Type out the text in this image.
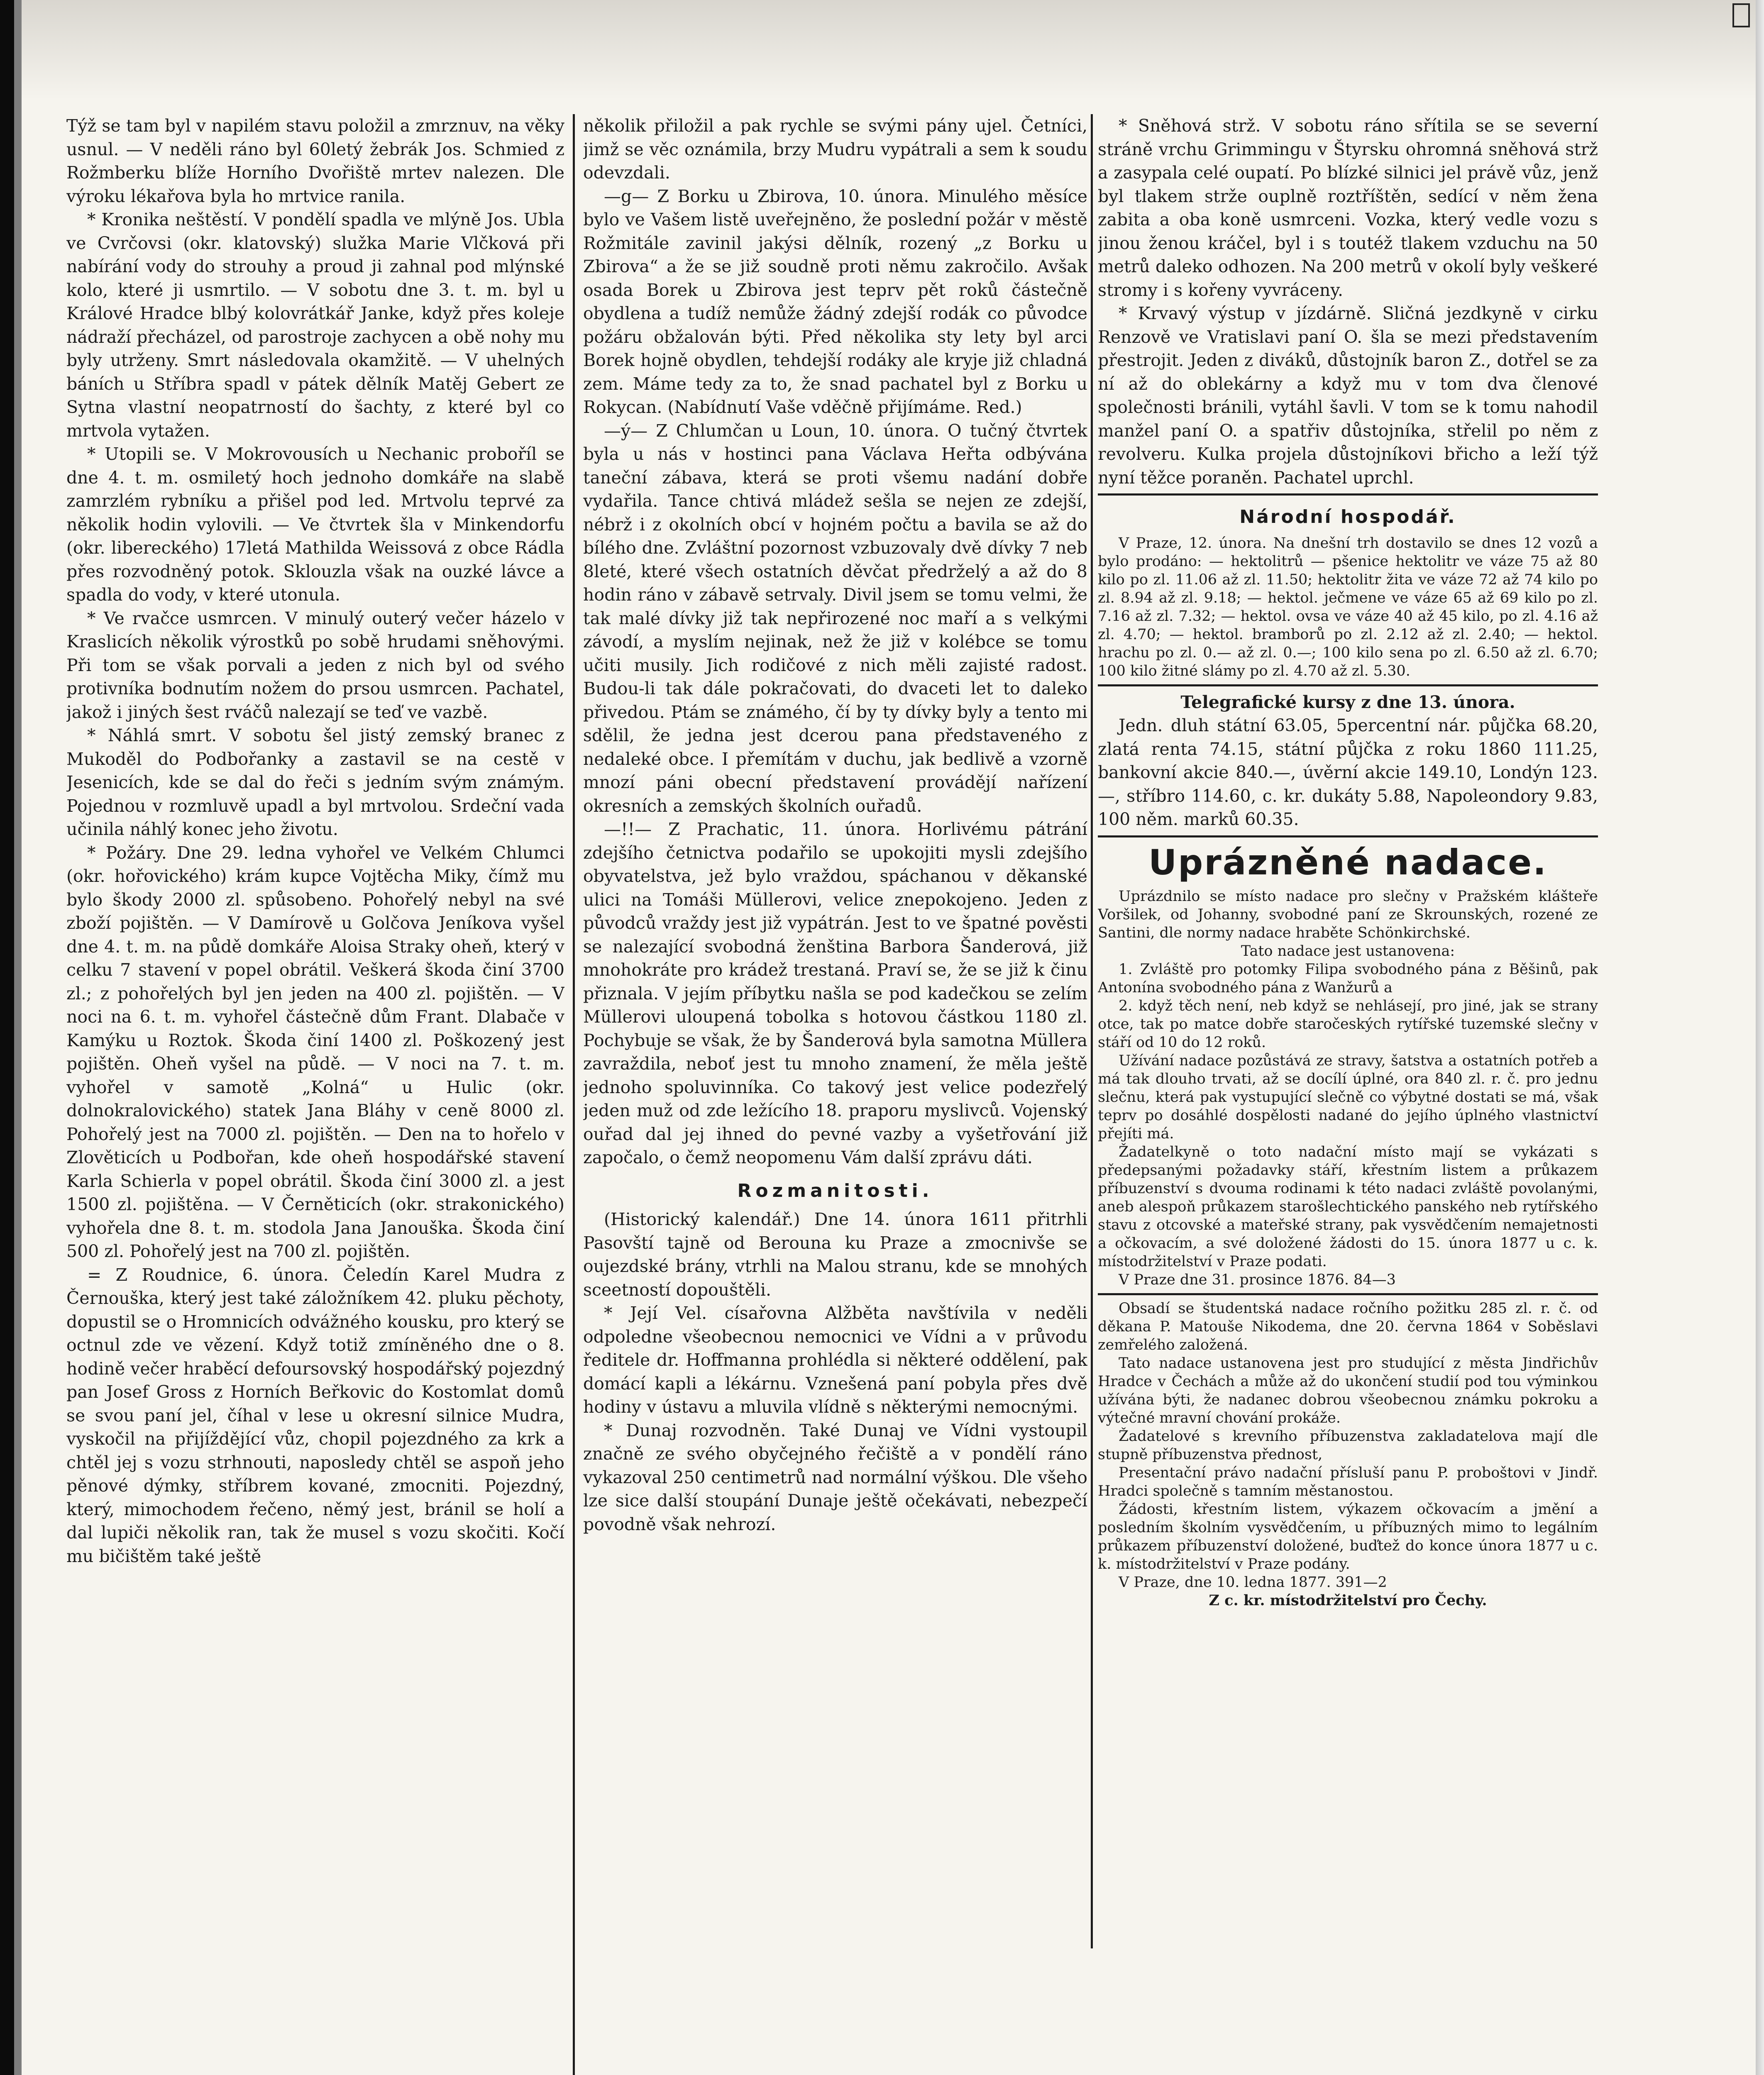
Týž se tam byl v napilém stavu položil a zmrznuv, na věky usnul. — V neděli ráno byl 60letý žebrák Jos. Schmied z Rožmberku blíže Horního Dvořiště mrtev nalezen. Dle výroku lékařova byla ho mrtvice ranila.

* Kronika neštěstí. V pondělí spadla ve mlýně Jos. Ubla ve Cvrčovsi (okr. klatovský) služka Marie Vlčková při nabírání vody do strouhy a proud ji zahnal pod mlýnské kolo, které ji usmrtilo. — V sobotu dne 3. t. m. byl u Králové Hradce blbý kolovrátkář Janke, když přes koleje nádraží přecházel, od parostroje zachycen a obě nohy mu byly utrženy. Smrt následovala okamžitě. — V uhelných báních u Stříbra spadl v pátek dělník Matěj Gebert ze Sytna vlastní neopatrností do šachty, z které byl co mrtvola vytažen.

* Utopili se. V Mokrovousích u Nechanic proboříl se dne 4. t. m. osmiletý hoch jednoho domkáře na slabě zamrzlém rybníku a přišel pod led. Mrtvolu teprvé za několik hodin vylovili. — Ve čtvrtek šla v Minkendorfu (okr. libereckého) 17letá Mathilda Weissová z obce Rádla přes rozvodněný potok. Sklouzla však na ouzké lávce a spadla do vody, v které utonula.

* Ve rvačce usmrcen. V minulý outerý večer házelo v Kraslicích několik výrostků po sobě hrudami sněhovými. Při tom se však porvali a jeden z nich byl od svého protivníka bodnutím nožem do prsou usmrcen. Pachatel, jakož i jiných šest rváčů nalezají se teď ve vazbě.

* Náhlá smrt. V sobotu šel jistý zemský branec z Mukoděl do Podbořanky a zastavil se na cestě v Jesenicích, kde se dal do řeči s jedním svým známým. Pojednou v rozmluvě upadl a byl mrtvolou. Srdeční vada učinila náhlý konec jeho životu.

* Požáry. Dne 29. ledna vyhořel ve Velkém Chlumci (okr. hořovického) krám kupce Vojtěcha Miky, čímž mu bylo škody 2000 zl. spůsobeno. Pohořelý nebyl na své zboží pojištěn. — V Damírově u Golčova Jeníkova vyšel dne 4. t. m. na půdě domkáře Aloisa Straky oheň, který v celku 7 stavení v popel obrátil. Veškerá škoda činí 3700 zl.; z pohořelých byl jen jeden na 400 zl. pojištěn. — V noci na 6. t. m. vyhořel částečně dům Frant. Dlabače v Kamýku u Roztok. Škoda činí 1400 zl. Poškozený jest pojištěn. Oheň vyšel na půdě. — V noci na 7. t. m. vyhořel v samotě „Kolná“ u Hulic (okr. dolnokralovického) statek Jana Bláhy v ceně 8000 zl. Pohořelý jest na 7000 zl. pojištěn. — Den na to hořelo v Zlověticích u Podbořan, kde oheň hospodářské stavení Karla Schierla v popel obrátil. Škoda činí 3000 zl. a jest 1500 zl. pojištěna. — V Černěticích (okr. strakonického) vyhořela dne 8. t. m. stodola Jana Janouška. Škoda činí 500 zl. Pohořelý jest na 700 zl. pojištěn.

= Z Roudnice, 6. února. Čeledín Karel Mudra z Černouška, který jest také záložníkem 42. pluku pěchoty, dopustil se o Hromnicích odvážného kousku, pro který se octnul zde ve vězení. Když totiž zmíněného dne o 8. hodině večer hraběcí defoursovský hospodářský pojezdný pan Josef Gross z Horních Beřkovic do Kostomlat domů se svou paní jel, číhal v lese u okresní silnice Mudra, vyskočil na přijíždějící vůz, chopil pojezdného za krk a chtěl jej s vozu strhnouti, naposledy chtěl se aspoň jeho pěnové dýmky, stříbrem kované, zmocniti. Pojezdný, který, mimochodem řečeno, němý jest, bránil se holí a dal lupiči několik ran, tak že musel s vozu skočiti. Kočí mu bičištěm také ještě

několik přiložil a pak rychle se svými pány ujel. Četníci, jimž se věc oznámila, brzy Mudru vypátrali a sem k soudu odevzdali.

—g— Z Borku u Zbirova, 10. února. Minulého měsíce bylo ve Vašem listě uveřejněno, že poslední požár v městě Rožmitále zavinil jakýsi dělník, rozený „z Borku u Zbirova“ a že se již soudně proti němu zakročilo. Avšak osada Borek u Zbirova jest teprv pět roků částečně obydlena a tudíž nemůže žádný zdejší rodák co původce požáru obžalován býti. Před několika sty lety byl arci Borek hojně obydlen, tehdejší rodáky ale kryje již chladná zem. Máme tedy za to, že snad pachatel byl z Borku u Rokycan. (Nabídnutí Vaše vděčně přijímáme. Red.)

—ý— Z Chlumčan u Loun, 10. února. O tučný čtvrtek byla u nás v hostinci pana Václava Heřta odbývána taneční zábava, která se proti všemu nadání dobře vydařila. Tance chtivá mládež sešla se nejen ze zdejší, nébrž i z okolních obcí v hojném počtu a bavila se až do bílého dne. Zvláštní pozornost vzbuzovaly dvě dívky 7 neb 8leté, které všech ostatních děvčat předrželý a až do 8 hodin ráno v zábavě setrvaly. Divil jsem se tomu velmi, že tak malé dívky již tak nepřirozené noc maří a s velkými závodí, a myslím nejinak, než že již v kolébce se tomu učiti musily. Jich rodičové z nich měli zajisté radost. Budou-li tak dále pokračovati, do dvaceti let to daleko přivedou. Ptám se známého, čí by ty dívky byly a tento mi sdělil, že jedna jest dcerou pana představeného z nedaleké obce. I přemítám v duchu, jak bedlivě a vzorně mnozí páni obecní představení provádějí nařízení okresních a zemských školních ouřadů.

—!!— Z Prachatic, 11. února. Horlivému pátrání zdejšího četnictva podařilo se upokojiti mysli zdejšího obyvatelstva, jež bylo vraždou, spáchanou v děkanské ulici na Tomáši Müllerovi, velice znepokojeno. Jeden z původců vraždy jest již vypátrán. Jest to ve špatné pověsti se nalezající svobodná ženština Barbora Šanderová, již mnohokráte pro krádež trestaná. Praví se, že se již k činu přiznala. V jejím příbytku našla se pod kadečkou se zelím Müllerovi uloupená tobolka s hotovou částkou 1180 zl. Pochybuje se však, že by Šanderová byla samotna Müllera zavraždila, neboť jest tu mnoho znamení, že měla ještě jednoho spoluvinníka. Co takový jest velice podezřelý jeden muž od zde ležícího 18. praporu myslivců. Vojenský ouřad dal jej ihned do pevné vazby a vyšetřování již započalo, o čemž neopomenu Vám další zprávu dáti.

Rozmanitosti.

(Historický kalendář.) Dne 14. února 1611 přitrhli Pasovští tajně od Berouna ku Praze a zmocnivše se oujezdské brány, vtrhli na Malou stranu, kde se mnohých sceetností dopouštěli.

* Její Vel. císařovna Alžběta navštívila v neděli odpoledne všeobecnou nemocnici ve Vídni a v průvodu ředitele dr. Hoffmanna prohlédla si některé oddělení, pak domácí kapli a lékárnu. Vznešená paní pobyla přes dvě hodiny v ústavu a mluvila vlídně s některými nemocnými.

* Dunaj rozvodněn. Také Dunaj ve Vídni vystoupil značně ze svého obyčejného řečiště a v pondělí ráno vykazoval 250 centimetrů nad normální výškou. Dle všeho lze sice další stoupání Dunaje ještě očekávati, nebezpečí povodně však nehrozí.

* Sněhová strž. V sobotu ráno sřítila se se severní stráně vrchu Grimmingu v Štyrsku ohromná sněhová strž a zasypala celé oupatí. Po blízké silnici jel právě vůz, jenž byl tlakem strže ouplně roztříštěn, sedící v něm žena zabita a oba koně usmrceni. Vozka, který vedle vozu s jinou ženou kráčel, byl i s toutéž tlakem vzduchu na 50 metrů daleko odhozen. Na 200 metrů v okolí byly veškeré stromy i s kořeny vyvráceny.

* Krvavý výstup v jízdárně. Sličná jezdkyně v cirku Renzově ve Vratislavi paní O. šla se mezi představením přestrojit. Jeden z diváků, důstojník baron Z., dotřel se za ní až do oblekárny a když mu v tom dva členové společnosti bránili, vytáhl šavli. V tom se k tomu nahodil manžel paní O. a spatřiv důstojníka, střelil po něm z revolveru. Kulka projela důstojníkovi břicho a leží týž nyní těžce poraněn. Pachatel uprchl.

Národní hospodář.

V Praze, 12. února. Na dnešní trh dostavilo se dnes 12 vozů a bylo prodáno: — hektolitrů — pšenice hektolitr ve váze 75 až 80 kilo po zl. 11.06 až zl. 11.50; hektolitr žita ve váze 72 až 74 kilo po zl. 8.94 až zl. 9.18; — hektol. ječmene ve váze 65 až 69 kilo po zl. 7.16 až zl. 7.32; — hektol. ovsa ve váze 40 až 45 kilo, po zl. 4.16 až zl. 4.70; — hektol. bramborů po zl. 2.12 až zl. 2.40; — hektol. hrachu po zl. 0.— až zl. 0.—; 100 kilo sena po zl. 6.50 až zl. 6.70; 100 kilo žitné slámy po zl. 4.70 až zl. 5.30.

Telegrafické kursy z dne 13. února.

Jedn. dluh státní 63.05, 5percentní nár. půjčka 68.20, zlatá renta 74.15, státní půjčka z roku 1860 111.25, bankovní akcie 840.—, úvěrní akcie 149.10, Londýn 123.—, stříbro 114.60, c. kr. dukáty 5.88, Napoleondory 9.83, 100 něm. marků 60.35.

Uprázněné nadace.

Uprázdnilo se místo nadace pro slečny v Pražském klášteře Voršilek, od Johanny, svobodné paní ze Skrounských, rozené ze Santini, dle normy nadace hraběte Schönkirchské.

Tato nadace jest ustanovena:

1. Zvláště pro potomky Filipa svobodného pána z Běšinů, pak Antonína svobodného pána z Wanžurů a

2. když těch není, neb když se nehlásejí, pro jiné, jak se strany otce, tak po matce dobře staročeských rytířské tuzemské slečny v stáří od 10 do 12 roků.

Užívání nadace pozůstává ze stravy, šatstva a ostatních potřeb a má tak dlouho trvati, až se docílí úplné, ora 840 zl. r. č. pro jednu slečnu, která pak vystupující slečně co výbytné dostati se má, však teprv po dosáhlé dospělosti nadané do jejího úplného vlastnictví přejíti má.

Žadatelkyně o toto nadační místo mají se vykázati s předepsanými požadavky stáří, křestním listem a průkazem příbuzenství s dvouma rodinami k této nadaci zvláště povolanými, aneb alespoň průkazem starošlechtického panského neb rytířského stavu z otcovské a mateřské strany, pak vysvědčením nemajetnosti a očkovacím, a své doložené žádosti do 15. února 1877 u c. k. místodržitelství v Praze podati.

V Praze dne 31. prosince 1876. 84—3

Obsadí se študentská nadace ročního požitku 285 zl. r. č. od děkana P. Matouše Nikodema, dne 20. června 1864 v Soběslavi zemřelého založená.

Tato nadace ustanovena jest pro studující z města Jindřichův Hradce v Čechách a může až do ukončení studií pod tou výminkou užívána býti, že nadanec dobrou všeobecnou známku pokroku a výtečné mravní chování prokáže.

Žadatelové s krevního příbuzenstva zakladatelova mají dle stupně příbuzenstva přednost,

Presentační právo nadační přísluší panu P. proboštovi v Jindř. Hradci společně s tamním městanostou.

Žádosti, křestním listem, výkazem očkovacím a jmění a posledním školním vysvědčením, u příbuzných mimo to legálním průkazem příbuzenství doložené, buďtež do konce února 1877 u c. k. místodržitelství v Praze podány.

V Praze, dne 10. ledna 1877. 391—2

Z c. kr. místodržitelství pro Čechy.
